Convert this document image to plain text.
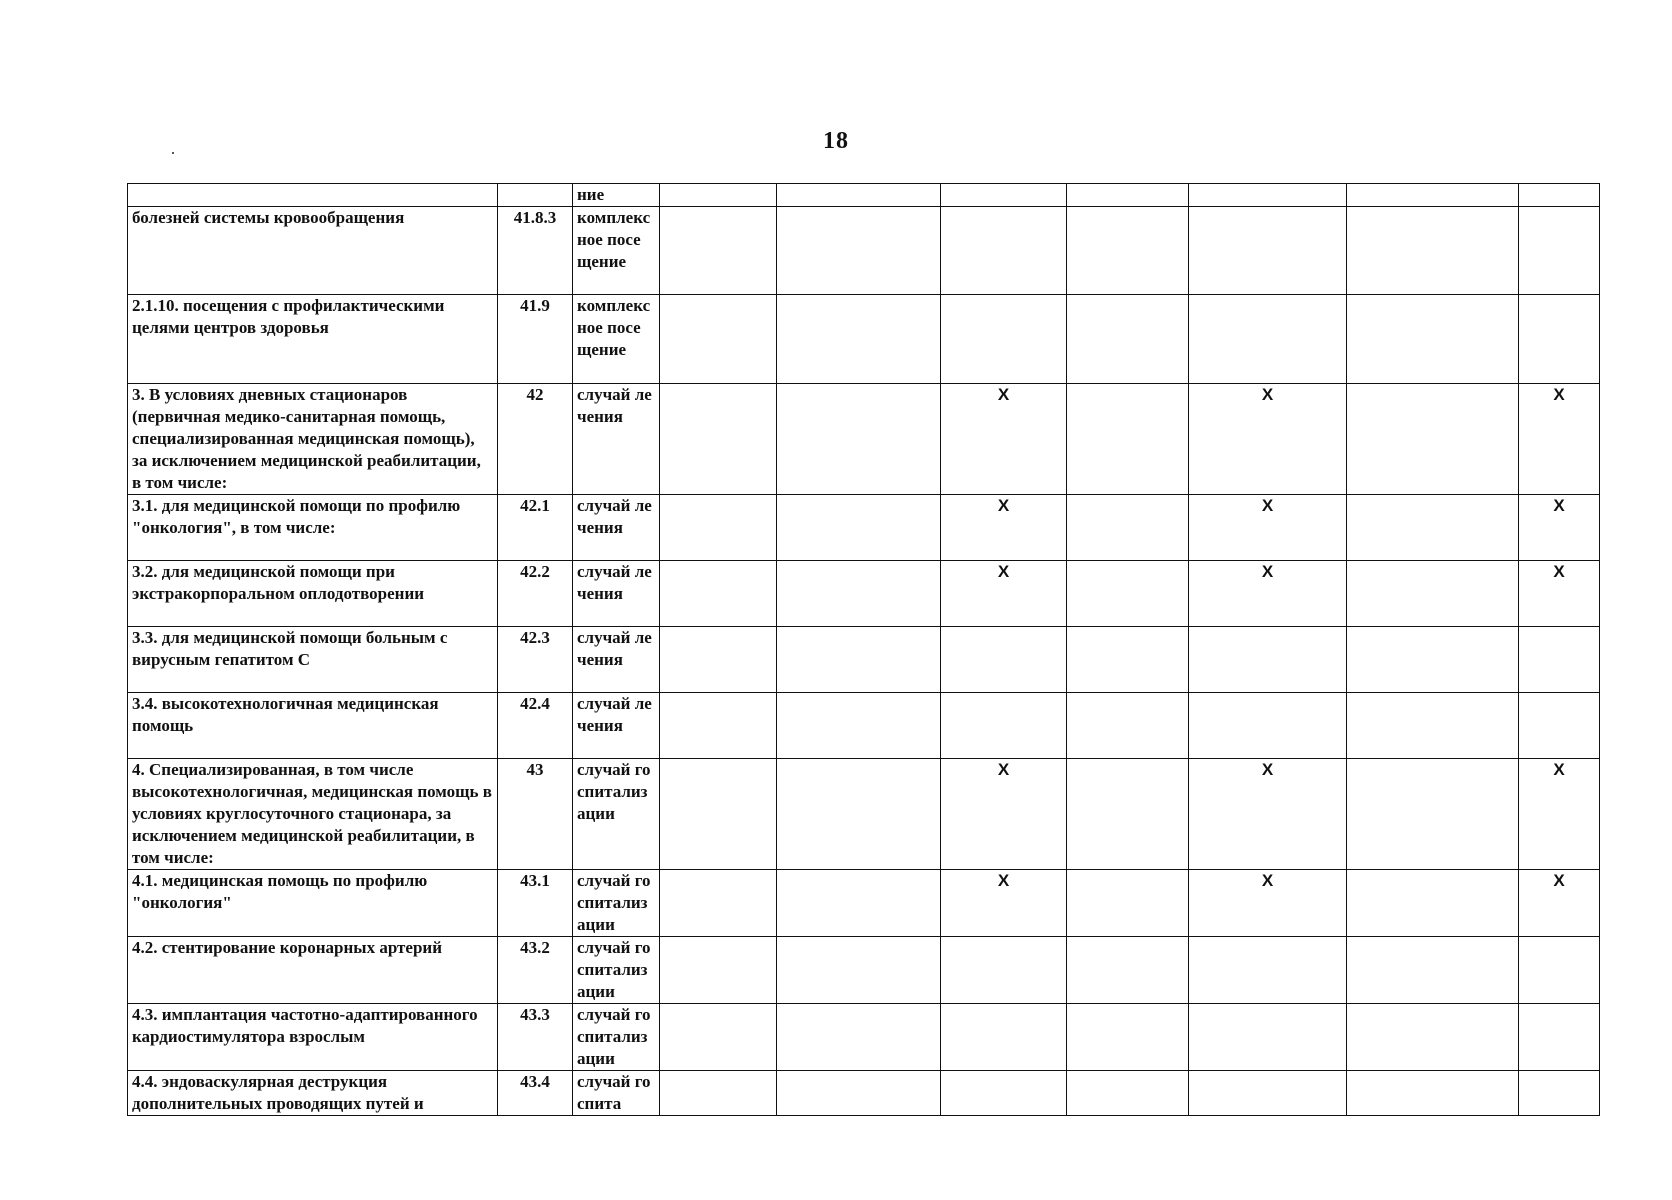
18
		ние							
болезней системы кровообращения	41.8.3	комплексное посещение							
2.1.10. посещения с профилактическими целями центров здоровья	41.9	комплексное посещение							
3. В условиях дневных стационаров (первичная медико-санитарная помощь, специализированная медицинская помощь), за исключением медицинской реабилитации, в том числе:	42	случай лечения			X		X		X
3.1. для медицинской помощи по профилю "онкология", в том числе:	42.1	случай лечения			X		X		X
3.2. для медицинской помощи при экстракорпоральном оплодотворении	42.2	случай лечения			X		X		X
3.3. для медицинской помощи больным с вирусным гепатитом С	42.3	случай лечения							
3.4. высокотехнологичная медицинская помощь	42.4	случай лечения							
4. Специализированная, в том числе высокотехнологичная, медицинская помощь в условиях круглосуточного стационара, за исключением медицинской реабилитации, в том числе:	43	случай госпитализации			X		X		X
4.1. медицинская помощь по профилю "онкология"	43.1	случай госпитализации			X		X		X
4.2. стентирование коронарных артерий	43.2	случай госпитализации							
4.3. имплантация частотно-адаптированного кардиостимулятора взрослым	43.3	случай госпитализации							
4.4. эндоваскулярная деструкция дополнительных проводящих путей и	43.4	случай госпита							
